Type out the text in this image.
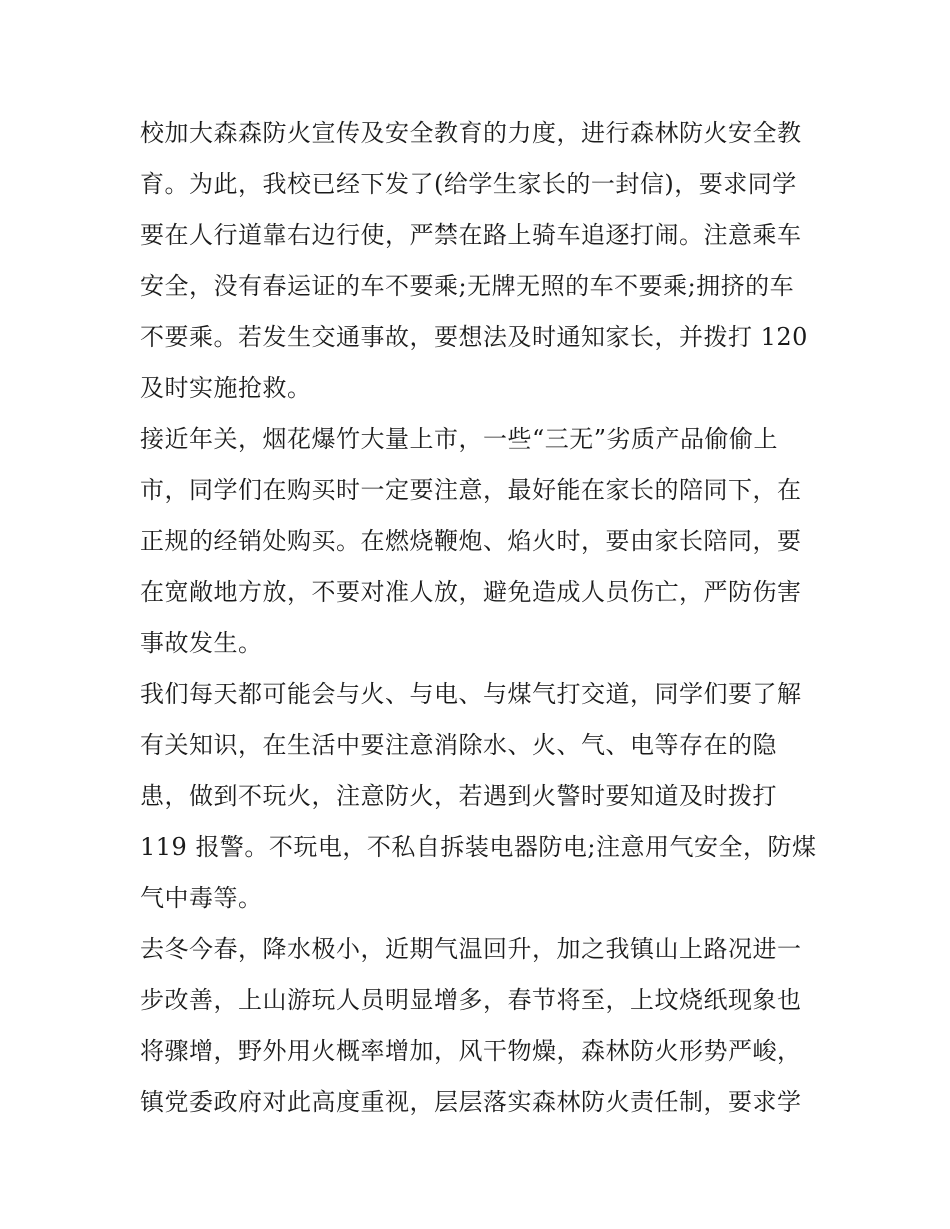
校加大森森防火宣传及安全教育的力度，进行森林防火安全教
育。为此，我校已经下发了(给学生家长的一封信)，要求同学
要在人行道靠右边行使，严禁在路上骑车追逐打闹。注意乘车
安全，没有春运证的车不要乘;无牌无照的车不要乘;拥挤的车
不要乘。若发生交通事故，要想法及时通知家长，并拨打 120
及时实施抢救。
接近年关，烟花爆竹大量上市，一些“三无”劣质产品偷偷上
市，同学们在购买时一定要注意，最好能在家长的陪同下，在
正规的经销处购买。在燃烧鞭炮、焰火时，要由家长陪同，要
在宽敞地方放，不要对准人放，避免造成人员伤亡，严防伤害
事故发生。
我们每天都可能会与火、与电、与煤气打交道，同学们要了解
有关知识，在生活中要注意消除水、火、气、电等存在的隐
患，做到不玩火，注意防火，若遇到火警时要知道及时拨打
119 报警。不玩电，不私自拆装电器防电;注意用气安全，防煤
气中毒等。
去冬今春，降水极小，近期气温回升，加之我镇山上路况进一
步改善，上山游玩人员明显增多，春节将至，上坟烧纸现象也
将骤增，野外用火概率增加，风干物燥，森林防火形势严峻，
镇党委政府对此高度重视，层层落实森林防火责任制，要求学
